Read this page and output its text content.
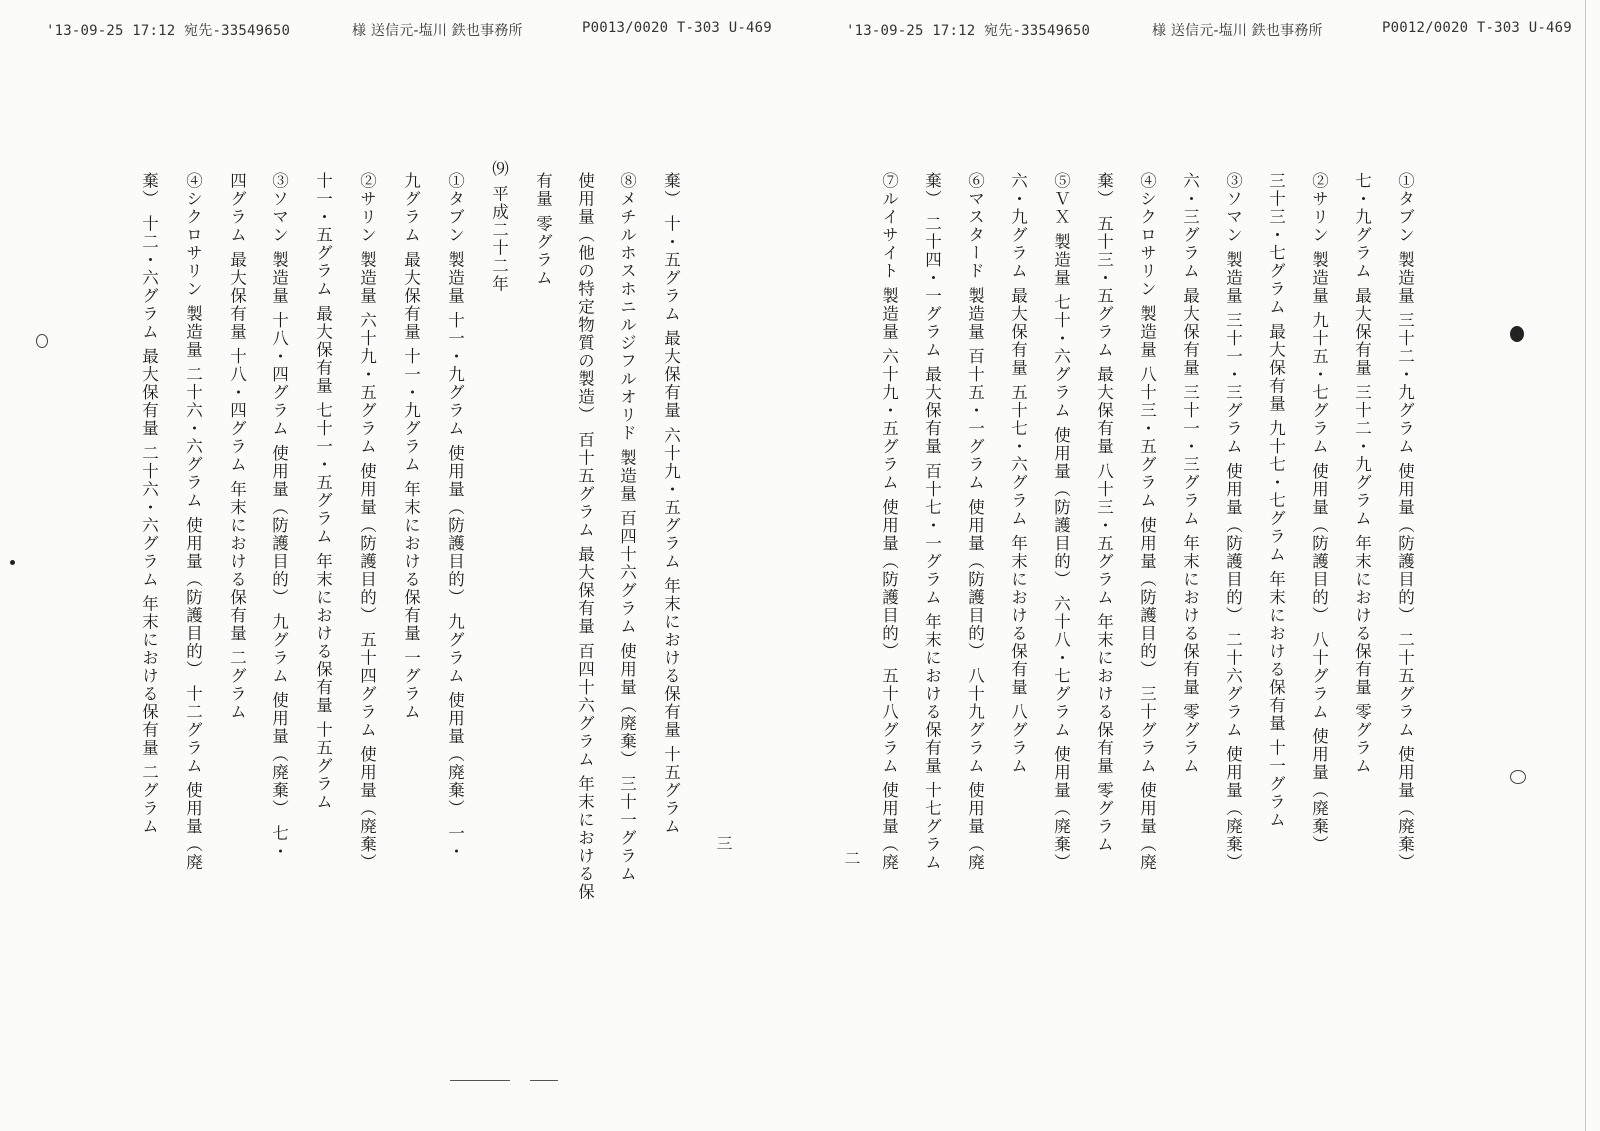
'13-09-25 17:12 宛先-33549650	様 送信元-塩川 鉄也事務所	P0013/0020 T-303 U-469
棄） 十・五グラム 最大保有量 六十九・五グラム 年末における保有量 十五グラム
⑧メチルホスホニルジフルオリド 製造量 百四十六グラム 使用量（廃棄） 三十一グラム
使用量（他の特定物質の製造） 百十五グラム 最大保有量 百四十六グラム 年末における保
有量 零グラム
⑼ 平成二十二年
①タブン 製造量 十一・九グラム 使用量（防護目的） 九グラム 使用量（廃棄） 一・
九グラム 最大保有量 十一・九グラム 年末における保有量 一グラム
②サリン 製造量 六十九・五グラム 使用量（防護目的） 五十四グラム 使用量（廃棄）
十一・五グラム 最大保有量 七十一・五グラム 年末における保有量 十五グラム
③ソマン 製造量 十八・四グラム 使用量（防護目的） 九グラム 使用量（廃棄） 七・
四グラム 最大保有量 十八・四グラム 年末における保有量 二グラム
④シクロサリン 製造量 二十六・六グラム 使用量（防護目的） 十二グラム 使用量（廃
棄） 十二・六グラム 最大保有量 二十六・六グラム 年末における保有量 二グラム
三
'13-09-25 17:12 宛先-33549650	様 送信元-塩川 鉄也事務所	P0012/0020 T-303 U-469
①タブン 製造量 三十二・九グラム 使用量（防護目的） 二十五グラム 使用量（廃棄）
七・九グラム 最大保有量 三十二・九グラム 年末における保有量 零グラム
②サリン 製造量 九十五・七グラム 使用量（防護目的） 八十グラム 使用量（廃棄）
三十三・七グラム 最大保有量 九十七・七グラム 年末における保有量 十一グラム
③ソマン 製造量 三十一・三グラム 使用量（防護目的） 二十六グラム 使用量（廃棄）
六・三グラム 最大保有量 三十一・三グラム 年末における保有量 零グラム
④シクロサリン 製造量 八十三・五グラム 使用量（防護目的） 三十グラム 使用量（廃
棄） 五十三・五グラム 最大保有量 八十三・五グラム 年末における保有量 零グラム
⑤ＶＸ 製造量 七十・六グラム 使用量（防護目的） 六十八・七グラム 使用量（廃棄）
六・九グラム 最大保有量 五十七・六グラム 年末における保有量 八グラム
⑥マスタード 製造量 百十五・一グラム 使用量（防護目的） 八十九グラム 使用量（廃
棄） 二十四・一グラム 最大保有量 百十七・一グラム 年末における保有量 十七グラム
⑦ルイサイト 製造量 六十九・五グラム 使用量（防護目的） 五十八グラム 使用量（廃
二
